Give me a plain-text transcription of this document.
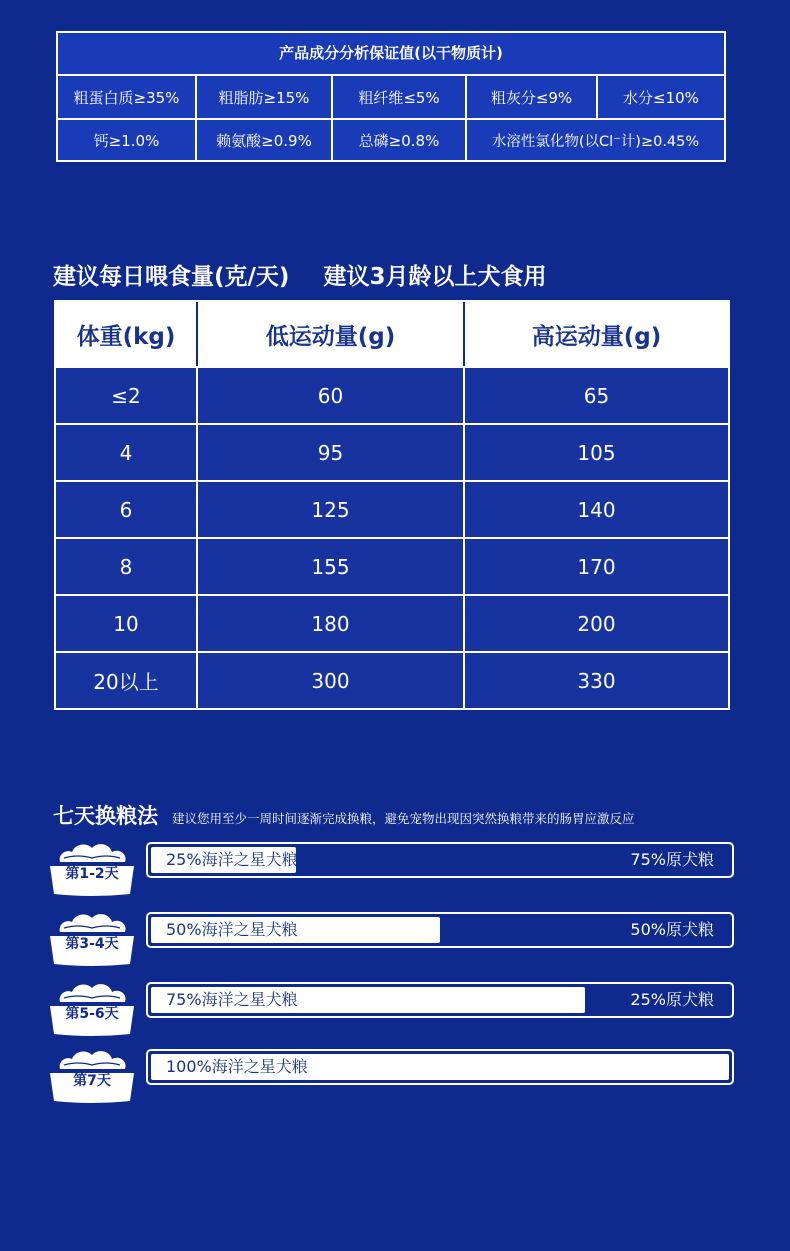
产品成分分析保证值(以干物质计)
粗蛋白质≥35%	粗脂肪≥15%	粗纤维≤5%	粗灰分≤9%	水分≤10%
钙≥1.0%	赖氨酸≥0.9%	总磷≥0.8%	水溶性氯化物(以Cl⁻计)≥0.45%
建议每日喂食量(克/天) 建议3月龄以上犬食用
体重(kg)	低运动量(g)	高运动量(g)
≤2	60	65
4	95	105
6	125	140
8	155	170
10	180	200
20以上	300	330
七天换粮法 建议您用至少一周时间逐渐完成换粮，避免宠物出现因突然换粮带来的肠胃应激反应
第1-2天
25%海洋之星犬粮	75%原犬粮
第3-4天
50%海洋之星犬粮	50%原犬粮
第5-6天
75%海洋之星犬粮	25%原犬粮
第7天
100%海洋之星犬粮
